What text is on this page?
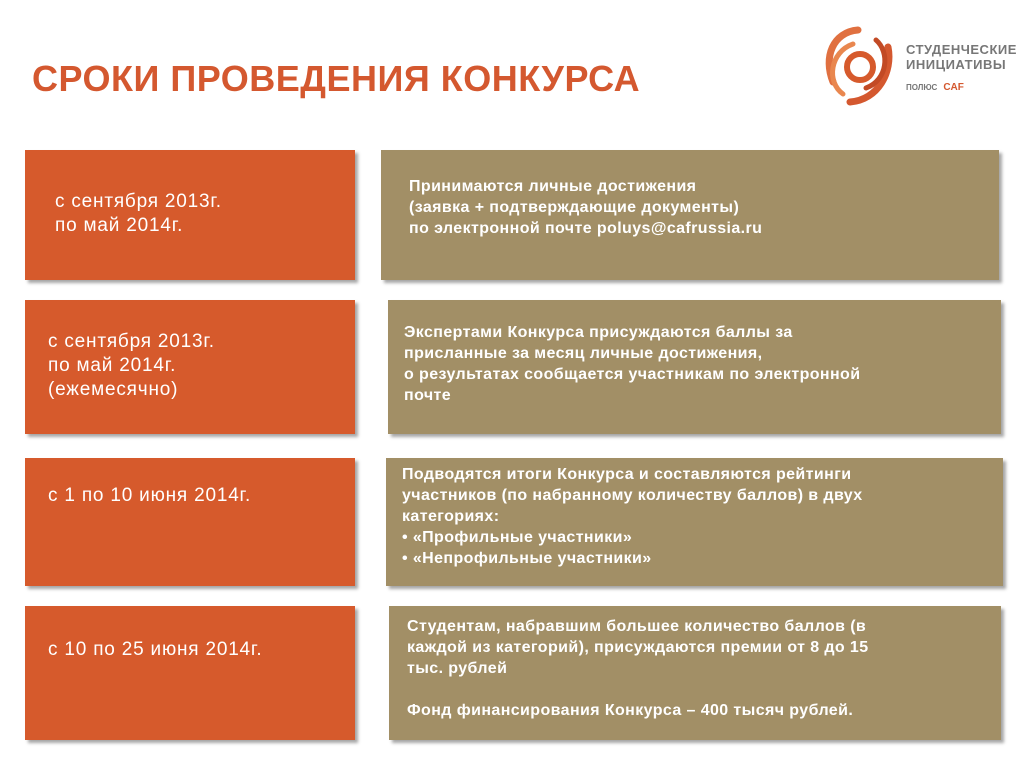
СРОКИ ПРОВЕДЕНИЯ КОНКУРСА
СТУДЕНЧЕСКИЕ
ИНИЦИАТИВЫ
ПОЛЮС CAF
с сентября 2013г.
по май 2014г.

Принимаются личные достижения

(заявка + подтверждающие документы)

по электронной почте poluys@cafrussia.ru

с сентября 2013г.
по май 2014г.
(ежемесячно)

Экспертами Конкурса присуждаются баллы за

присланные за месяц личные достижения,

о результатах сообщается участникам по электронной

почте

с 1 по 10 июня 2014г.

Подводятся итоги Конкурса и составляются рейтинги

участников (по набранному количеству баллов) в двух

категориях:

• «Профильные участники»
• «Непрофильные участники»
с 10 по 25 июня 2014г.

Студентам, набравшим большее количество баллов (в

каждой из категорий), присуждаются премии от 8 до 15

тыс. рублей

Фонд финансирования Конкурса – 400 тысяч рублей.
